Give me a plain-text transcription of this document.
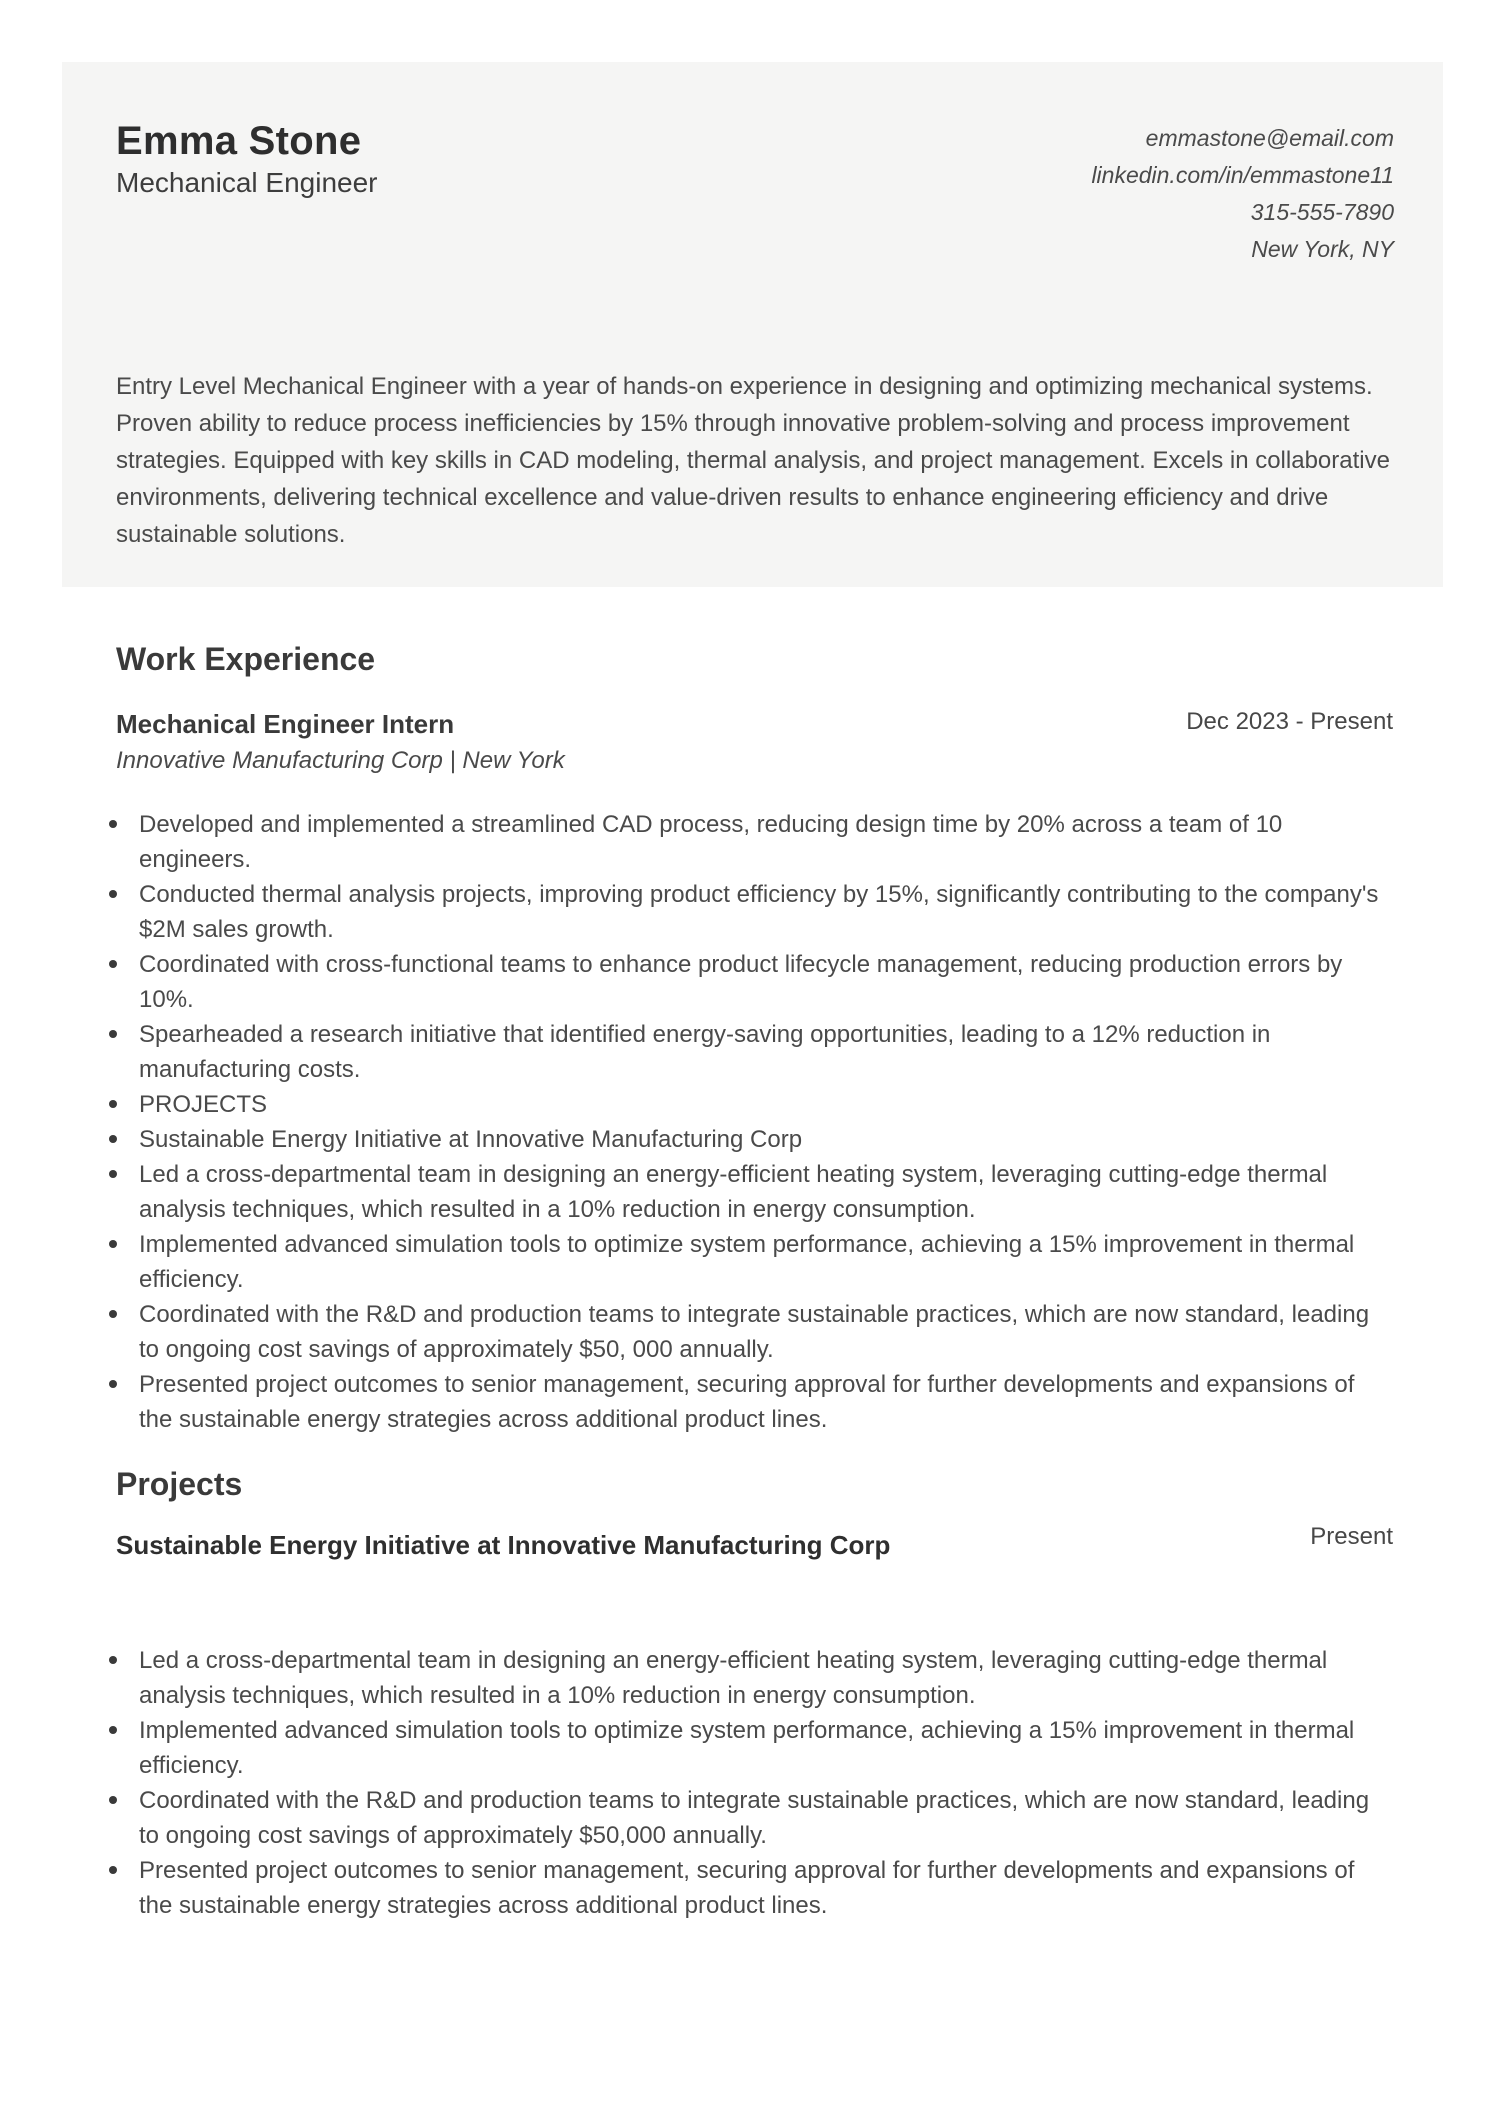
Emma Stone
Mechanical Engineer
emmastone@email.com
linkedin.com/in/emmastone11
315-555-7890
New York, NY

Entry Level Mechanical Engineer with a year of hands-on experience in designing and optimizing mechanical systems. Proven ability to reduce process inefficiencies by 15% through innovative problem-solving and process improvement strategies. Equipped with key skills in CAD modeling, thermal analysis, and project management. Excels in collaborative environments, delivering technical excellence and value-driven results to enhance engineering efficiency and drive sustainable solutions.

Work Experience
Mechanical Engineer Intern	Dec 2023 - Present
Innovative Manufacturing Corp | New York
Developed and implemented a streamlined CAD process, reducing design time by 20% across a team of 10 engineers.
Conducted thermal analysis projects, improving product efficiency by 15%, significantly contributing to the company's $2M sales growth.
Coordinated with cross-functional teams to enhance product lifecycle management, reducing production errors by 10%.
Spearheaded a research initiative that identified energy-saving opportunities, leading to a 12% reduction in manufacturing costs.
PROJECTS
Sustainable Energy Initiative at Innovative Manufacturing Corp
Led a cross-departmental team in designing an energy-efficient heating system, leveraging cutting-edge thermal analysis techniques, which resulted in a 10% reduction in energy consumption.
Implemented advanced simulation tools to optimize system performance, achieving a 15% improvement in thermal efficiency.
Coordinated with the R&D and production teams to integrate sustainable practices, which are now standard, leading to ongoing cost savings of approximately $50, 000 annually.
Presented project outcomes to senior management, securing approval for further developments and expansions of the sustainable energy strategies across additional product lines.
Projects
Sustainable Energy Initiative at Innovative Manufacturing Corp	Present
Led a cross-departmental team in designing an energy-efficient heating system, leveraging cutting-edge thermal analysis techniques, which resulted in a 10% reduction in energy consumption.
Implemented advanced simulation tools to optimize system performance, achieving a 15% improvement in thermal efficiency.
Coordinated with the R&D and production teams to integrate sustainable practices, which are now standard, leading to ongoing cost savings of approximately $50,000 annually.
Presented project outcomes to senior management, securing approval for further developments and expansions of the sustainable energy strategies across additional product lines.
